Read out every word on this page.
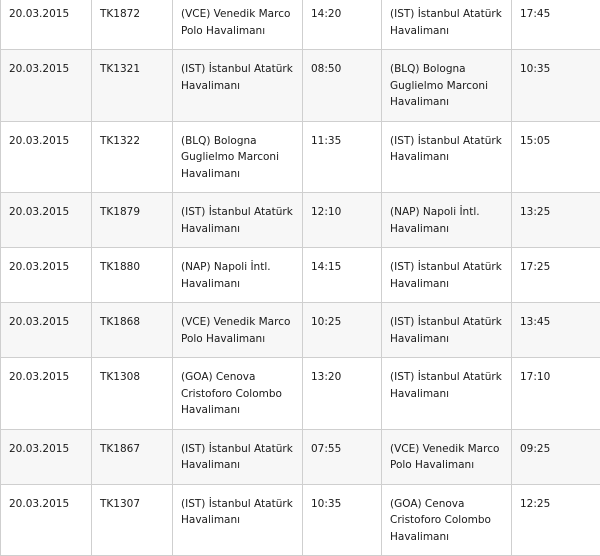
20.03.2015	TK1872	(VCE) Venedik Marco Polo Havalimanı	14:20	(IST) İstanbul Atatürk Havalimanı	17:45
20.03.2015	TK1321	(IST) İstanbul Atatürk Havalimanı	08:50	(BLQ) Bologna Guglielmo Marconi Havalimanı	10:35
20.03.2015	TK1322	(BLQ) Bologna Guglielmo Marconi Havalimanı	11:35	(IST) İstanbul Atatürk Havalimanı	15:05
20.03.2015	TK1879	(IST) İstanbul Atatürk Havalimanı	12:10	(NAP) Napoli İntl. Havalimanı	13:25
20.03.2015	TK1880	(NAP) Napoli İntl. Havalimanı	14:15	(IST) İstanbul Atatürk Havalimanı	17:25
20.03.2015	TK1868	(VCE) Venedik Marco Polo Havalimanı	10:25	(IST) İstanbul Atatürk Havalimanı	13:45
20.03.2015	TK1308	(GOA) Cenova Cristoforo Colombo Havalimanı	13:20	(IST) İstanbul Atatürk Havalimanı	17:10
20.03.2015	TK1867	(IST) İstanbul Atatürk Havalimanı	07:55	(VCE) Venedik Marco Polo Havalimanı	09:25
20.03.2015	TK1307	(IST) İstanbul Atatürk Havalimanı	10:35	(GOA) Cenova Cristoforo Colombo Havalimanı	12:25
